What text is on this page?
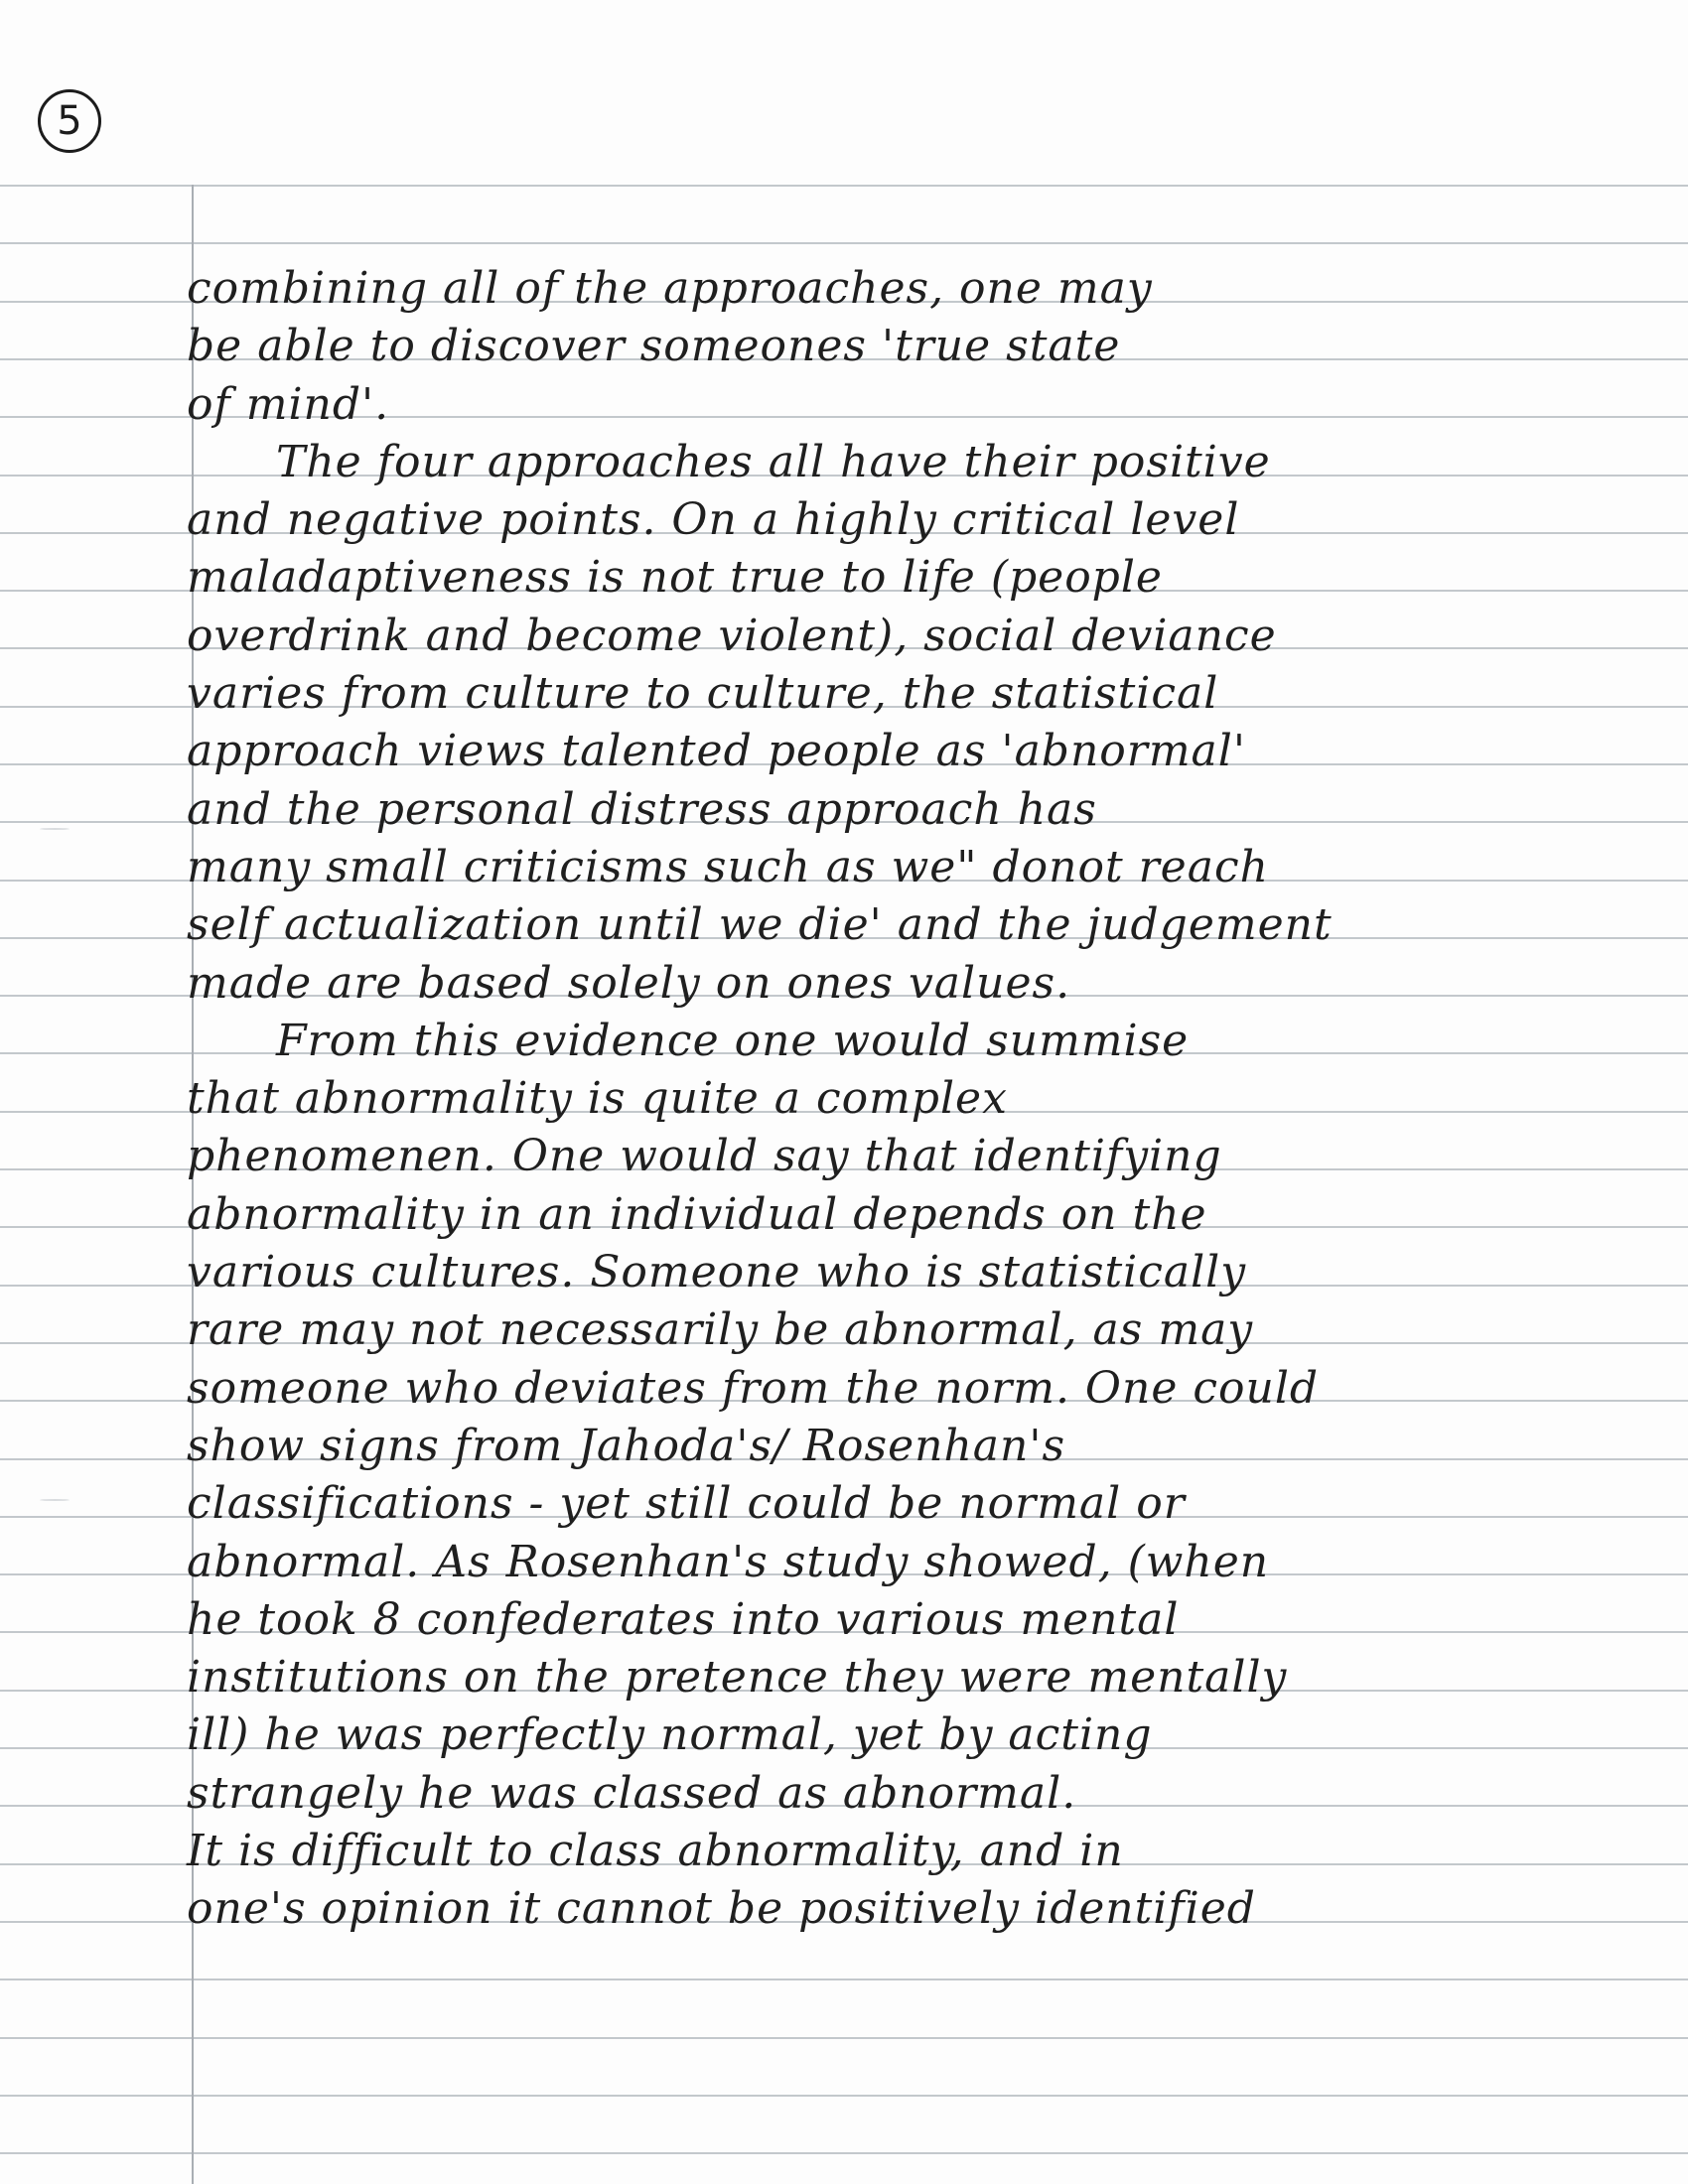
5
combining all of the approaches, one may
be able to discover someones 'true state
of mind'.
The four approaches all have their positive
and negative points. On a highly critical level
maladaptiveness is not true to life (people
overdrink and become violent), social deviance
varies from culture to culture, the statistical
approach views talented people as 'abnormal'
and the personal distress approach has
many small criticisms such as we" donot reach
self actualization until we die' and the judgement
made are based solely on ones values.
From this evidence one would summise
that abnormality is quite a complex
phenomenen. One would say that identifying
abnormality in an individual depends on the
various cultures. Someone who is statistically
rare may not necessarily be abnormal, as may
someone who deviates from the norm. One could
show signs from Jahoda's/ Rosenhan's
classifications - yet still could be normal or
abnormal. As Rosenhan's study showed, (when
he took 8 confederates into various mental
institutions on the pretence they were mentally
ill) he was perfectly normal, yet by acting
strangely he was classed as abnormal.
It is difficult to class abnormality, and in
one's opinion it cannot be positively identified
